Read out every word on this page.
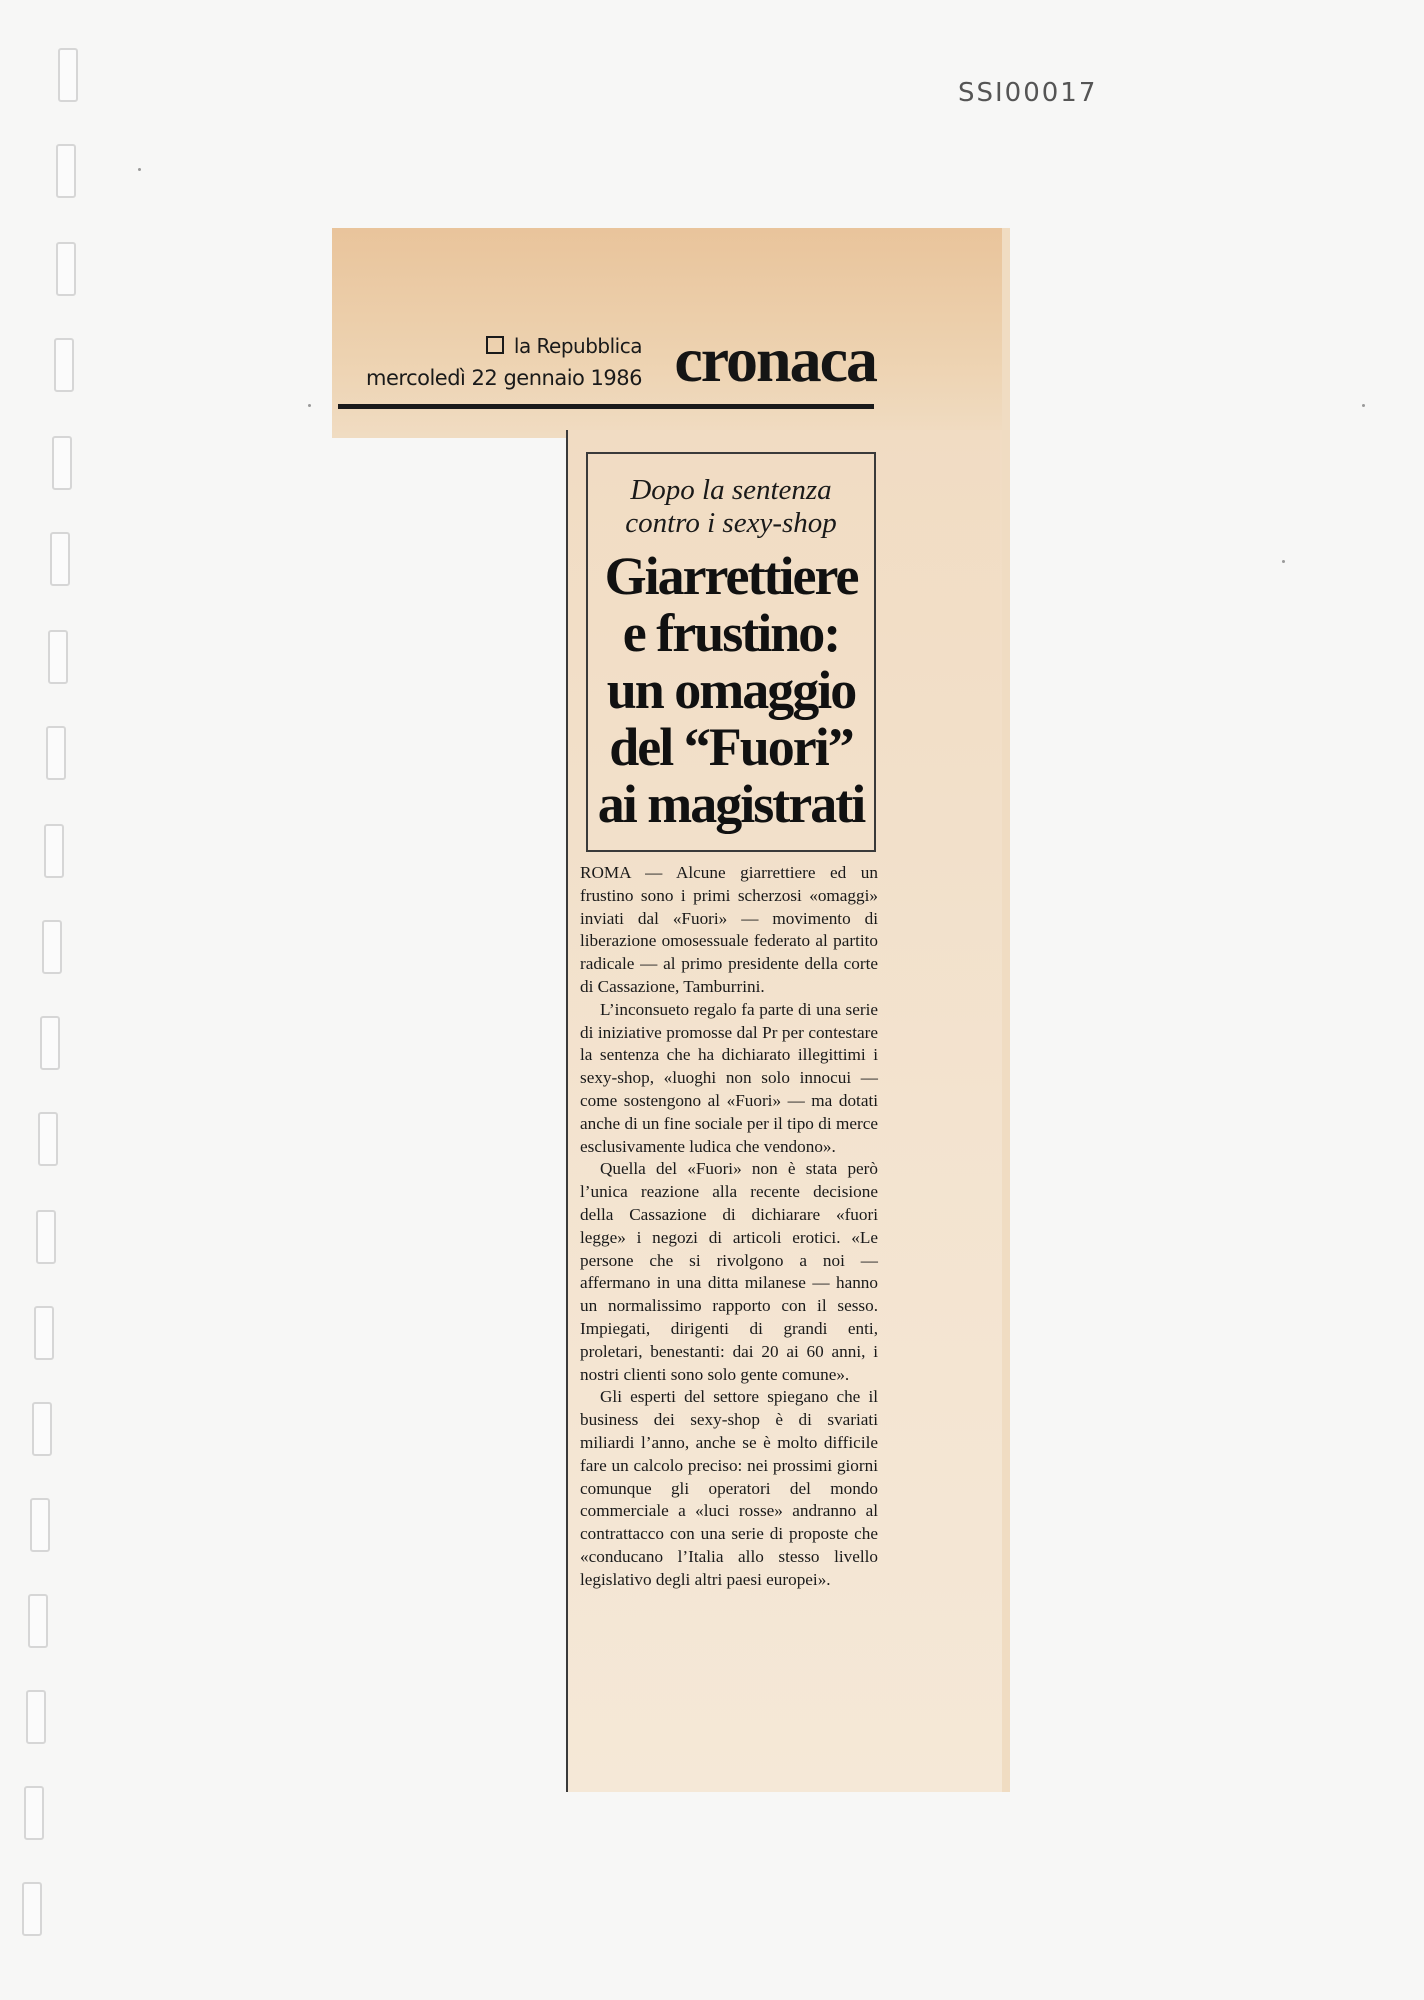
SSI00017
la Repubblica
mercoledì 22 gennaio 1986 cronaca
Dopo la sentenza
contro i sexy-shop
Giarrettiere
e frustino:
un omaggio
del “Fuori”
ai magistrati

ROMA — Alcune giarrettiere ed un frustino sono i primi scherzosi «omaggi» inviati dal «Fuori» — movimento di liberazione omosessuale federato al partito radicale — al primo presidente della corte di Cassazione, Tamburrini.

L’inconsueto regalo fa parte di una serie di iniziative promosse dal Pr per contestare la sentenza che ha dichiarato illegittimi i sexy-shop, «luoghi non solo innocui — come sostengono al «Fuori» — ma dotati anche di un fine sociale per il tipo di merce esclusivamente ludica che vendono».

Quella del «Fuori» non è stata però l’unica reazione alla recente decisione della Cassazione di dichiarare «fuori legge» i negozi di articoli erotici. «Le persone che si rivolgono a noi — affermano in una ditta milanese — hanno un normalissimo rapporto con il sesso. Impiegati, dirigenti di grandi enti, proletari, benestanti: dai 20 ai 60 anni, i nostri clienti sono solo gente comune».

Gli esperti del settore spiegano che il business dei sexy-shop è di svariati miliardi l’anno, anche se è molto difficile fare un calcolo preciso: nei prossimi giorni comunque gli operatori del mondo commerciale a «luci rosse» andranno al contrattacco con una serie di proposte che «conducano l’Italia allo stesso livello legislativo degli altri paesi europei».
